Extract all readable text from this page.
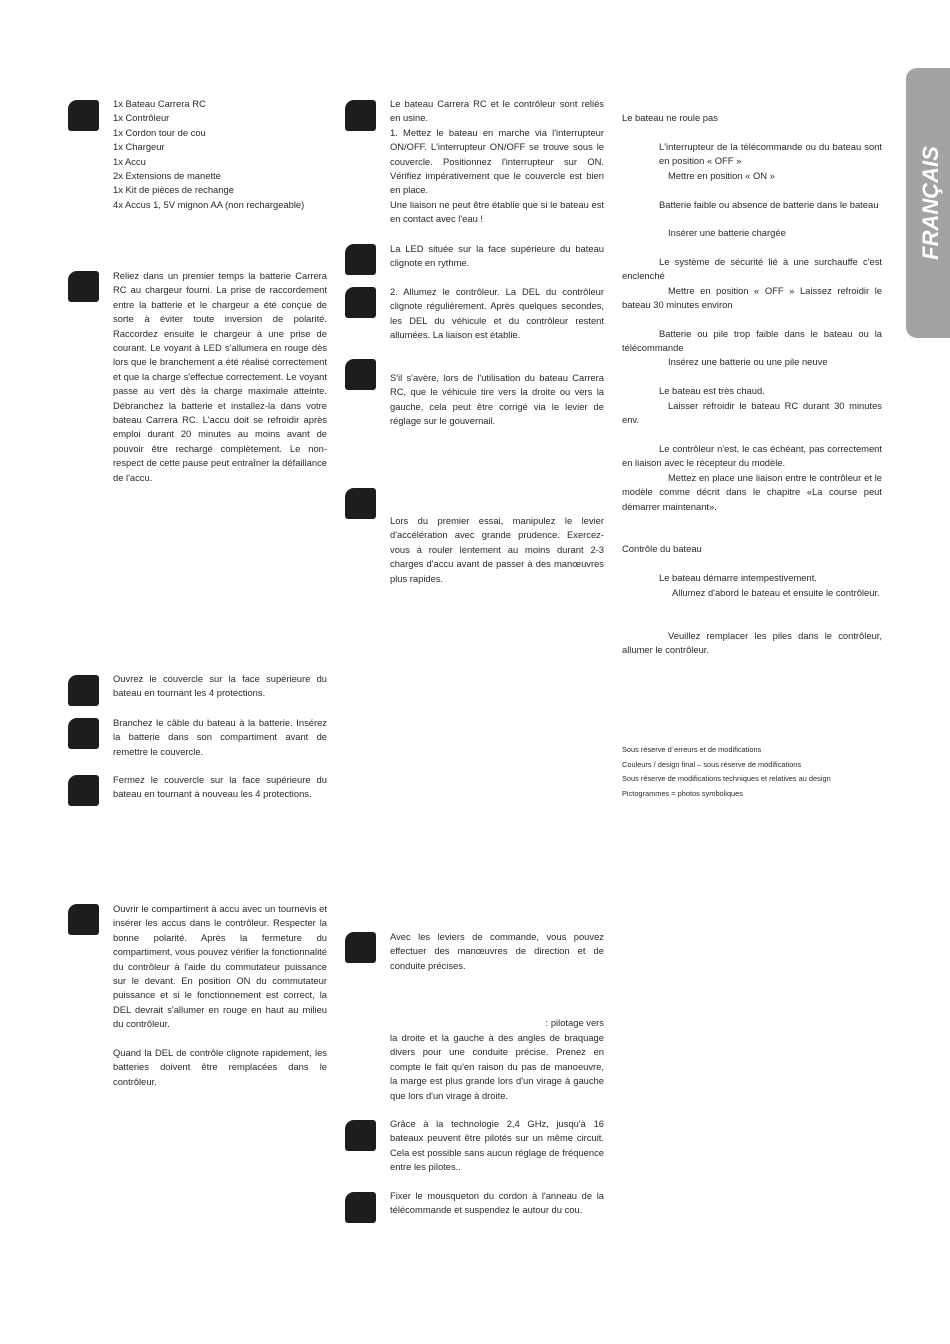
FRANÇAIS
1x Bateau Carrera RC
1x Contrôleur
1x Cordon tour de cou
1x Chargeur
1x Accu
2x Extensions de manette
1x Kit de pièces de rechange
4x Accus 1, 5V mignon AA (non rechargeable)

Reliez dans un premier temps la batterie Carrera RC au chargeur fourni. La prise de raccordement entre la batterie et le chargeur a été conçue de sorte à éviter toute inversion de polarité. Raccordez ensuite le chargeur à une prise de courant. Le voyant à LED s'allumera en rouge dès lors que le branchement a été réalisé correctement et que la charge s'effectue correctement. Le voyant passe au vert dès la charge maximale atteinte. Débranchez la batterie et installez-la dans votre bateau Carrera RC. L'accu doit se refroidir après emploi durant 20 minutes au moins avant de pouvoir être rechargé complètement. Le non-respect de cette pause peut entraîner la défaillance de l'accu.

Ouvrez le couvercle sur la face supérieure du bateau en tournant les 4 protections.

Branchez le câble du bateau à la batterie. Insérez la batterie dans son compartiment avant de remettre le couvercle.

Fermez le couvercle sur la face supérieure du bateau en tournant à nouveau les 4 protections.

Ouvrir le compartiment à accu avec un tournevis et insérer les accus dans le contrôleur. Respecter la bonne polarité. Après la fermeture du compartiment, vous pouvez vérifier la fonctionnalité du contrôleur à l'aide du commutateur puissance sur le devant. En position ON du commutateur puissance et si le fonctionnement est correct, la DEL devrait s'allumer en rouge en haut au milieu du contrôleur.

Quand la DEL de contrôle clignote rapidement, les batteries doivent être remplacées dans le contrôleur.

Le bateau Carrera RC et le contrôleur sont reliés en usine.

1. Mettez le bateau en marche via l'interrupteur ON/OFF. L'interrupteur ON/OFF se trouve sous le couvercle. Positionnez l'interrupteur sur ON. Vérifiez impérativement que le couvercle est bien en place.

Une liaison ne peut être établie que si le bateau est en contact avec l'eau !

La LED située sur la face supérieure du bateau clignote en rythme.

2. Allumez le contrôleur. La DEL du contrôleur clignote régulièrement. Après quelques secondes, les DEL du véhicule et du contrôleur restent allumées. La liaison est établie.

S'il s'avère, lors de l'utilisation du bateau Carrera RC, que le véhicule tire vers la droite ou vers la gauche, cela peut être corrigé via le levier de réglage sur le gouvernail.

Lors du premier essai, manipulez le levier d'accélération avec grande prudence. Exercez-vous à rouler lentement au moins durant 2-3 charges d'accu avant de passer à des manœuvres plus rapides.

Avec les leviers de commande, vous pouvez effectuer des manœuvres de direction et de conduite précises.

: pilotage vers

la droite et la gauche à des angles de braquage divers pour une conduite précise. Prenez en compte le fait qu'en raison du pas de manoeuvre, la marge est plus grande lors d'un virage à gauche que lors d'un virage à droite.

Grâce à la technologie 2,4 GHz, jusqu'à 16 bateaux peuvent être pilotés sur un même circuit. Cela est possible sans aucun réglage de fréquence entre les pilotes..

Fixer le mousqueton du cordon à l'anneau de la télécommande et suspendez le autour du cou.

Le bateau ne roule pas

L'interrupteur de la télécommande ou du bateau sont en position « OFF »

Mettre en position « ON »

Batterie faible ou absence de batterie dans le bateau

Insérer une batterie chargée

Le système de sécurité lié à une surchauffe c'est enclenché

Mettre en position « OFF » Laissez refroidir le bateau 30 minutes environ

Batterie ou pile trop faible dans le bateau ou la télécommande

Insérez une batterie ou une pile neuve

Le bateau est très chaud.

Laisser refroidir le bateau RC durant 30 minutes env.

Le contrôleur n'est, le cas échéant, pas correctement en liaison avec le récepteur du modèle.

Mettez en place une liaison entre le contrôleur et le modèle comme décrit dans le chapitre «La course peut démarrer maintenant».

Contrôle du bateau

Le bateau démarre intempestivement.

Allumez d'abord le bateau et ensuite le contrôleur.

Veuillez remplacer les piles dans le contrôleur, allumer le contrôleur.

Sous réserve d´erreurs et de modifications
Couleurs / design final – sous réserve de modifications
Sous réserve de modifications techniques et relatives au design
Pictogrammes = photos symboliques
